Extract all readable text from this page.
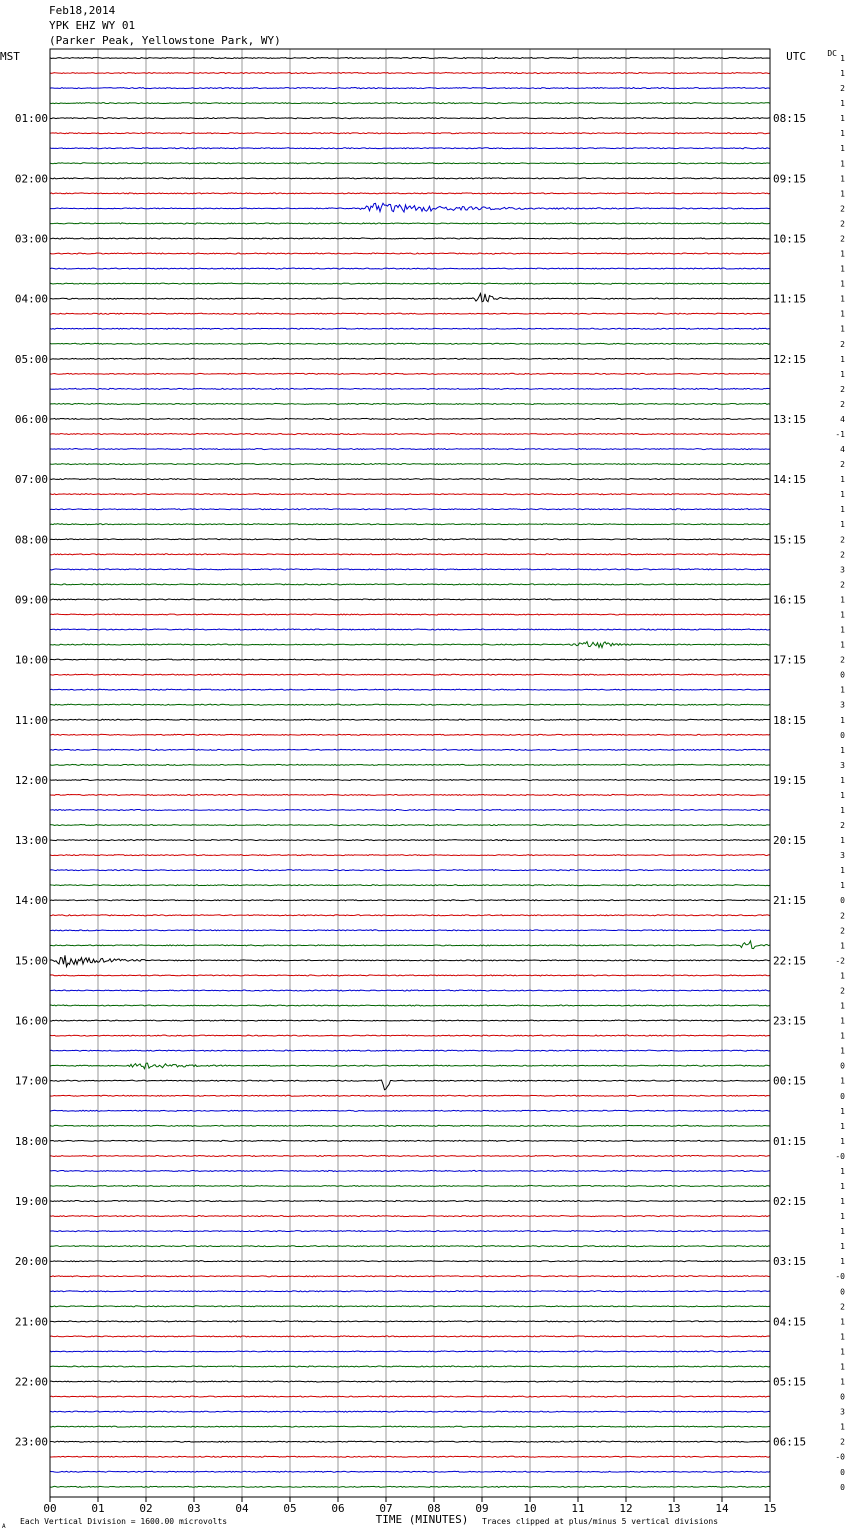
MST	UTC	DC
01:00
02:00
03:00
04:00
05:00
06:00
07:00
08:00
09:00
10:00
11:00
12:00
13:00
14:00
15:00
16:00
17:00
18:00
19:00
20:00
21:00
22:00
23:00
08:15
09:15
10:15
11:15
12:15
13:15
14:15
15:15
16:15
17:15
18:15
19:15
20:15
21:15
22:15
23:15
00:15
01:15
02:15
03:15
04:15
05:15
06:15
1
1
2
1
1
1
1
1
1
1
2
2
2
1
1
1
1
1
1
2
1
1
2
2
4
-1
4
2
1
1
1
1
2
2
3
2
1
1
1
1
2
0
1
3
1
0
1
3
1
1
1
2
1
3
1
1
0
2
2
1
-2
1
2
1
1
1
1
0
1
0
1
1
1
-0
1
1
1
1
1
1
1
-0
0
2
1
1
1
1
1
0
3
1
2
-0
0
0
00	01	02	03	04	05	06	07	08	09	10	11	12	13	14	15
TIME (MINUTES)
Each Vertical Division = 1600.00 microvolts	Traces clipped at plus/minus 5 vertical divisions
A
Feb18,2014
YPK EHZ WY 01
(Parker Peak, Yellowstone Park, WY)
